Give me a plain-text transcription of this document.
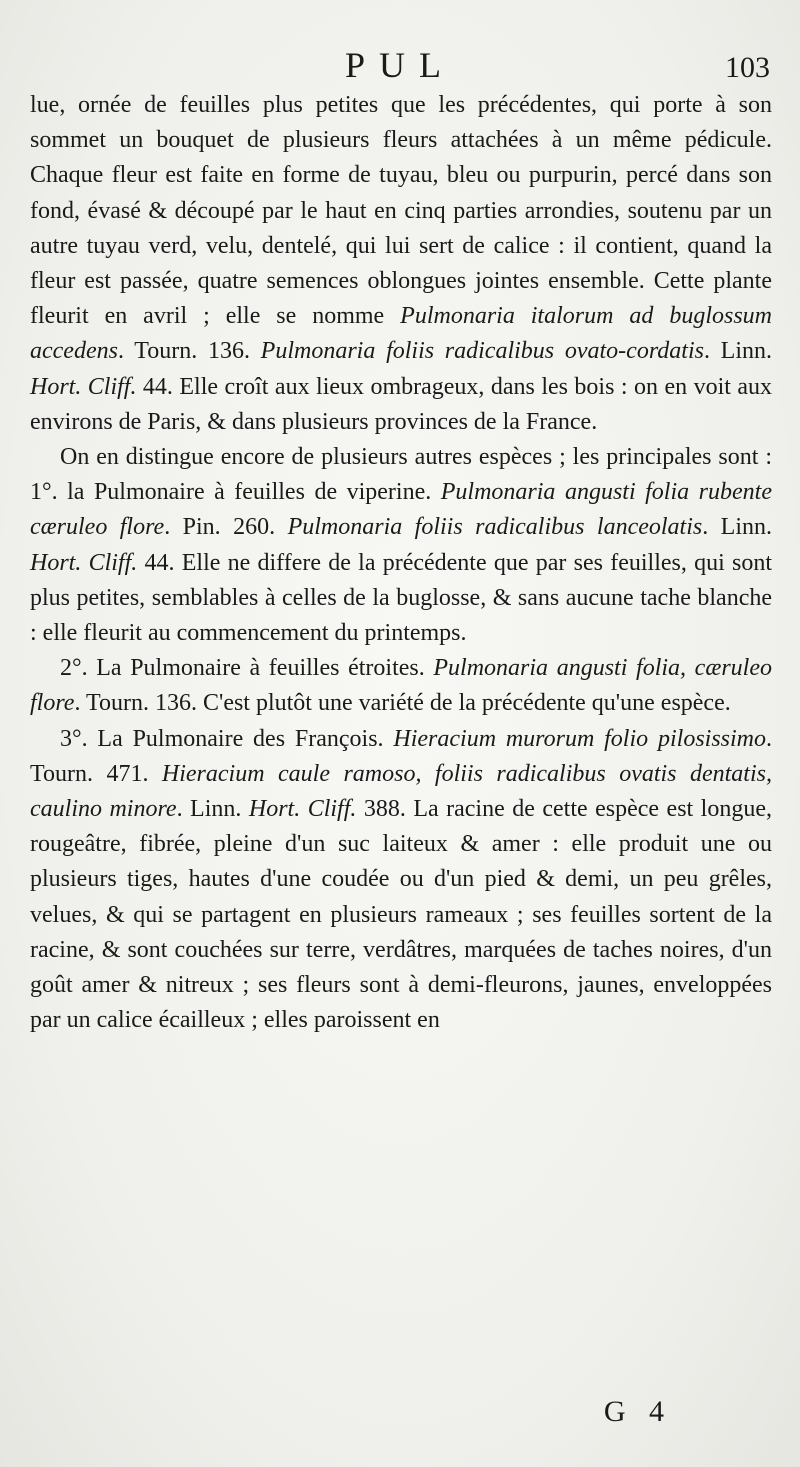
PUL	103

lue, ornée de feuilles plus petites que les précédentes, qui porte à son sommet un bouquet de plusieurs fleurs attachées à un même pédicule. Chaque fleur est faite en forme de tuyau, bleu ou purpurin, percé dans son fond, évasé & découpé par le haut en cinq parties arrondies, soutenu par un autre tuyau verd, velu, dentelé, qui lui sert de calice : il contient, quand la fleur est passée, quatre semences oblongues jointes ensemble. Cette plante fleurit en avril ; elle se nomme Pulmonaria italorum ad buglossum accedens. Tourn. 136. Pulmonaria foliis radicalibus ovato-cordatis. Linn. Hort. Cliff. 44. Elle croît aux lieux ombrageux, dans les bois : on en voit aux environs de Paris, & dans plusieurs provinces de la France.

On en distingue encore de plusieurs autres espèces ; les principales sont : 1°. la Pulmonaire à feuilles de viperine. Pulmonaria angusti folia rubente cæruleo flore. Pin. 260. Pulmonaria foliis radicalibus lanceolatis. Linn. Hort. Cliff. 44. Elle ne differe de la précédente que par ses feuilles, qui sont plus petites, semblables à celles de la buglosse, & sans aucune tache blanche : elle fleurit au commencement du printemps.

2°. La Pulmonaire à feuilles étroites. Pulmonaria angusti folia, cæruleo flore. Tourn. 136. C'est plutôt une variété de la précédente qu'une espèce.

3°. La Pulmonaire des François. Hieracium murorum folio pilosissimo. Tourn. 471. Hieracium caule ramoso, foliis radicalibus ovatis dentatis, caulino minore. Linn. Hort. Cliff. 388. La racine de cette espèce est longue, rougeâtre, fibrée, pleine d'un suc laiteux & amer : elle produit une ou plusieurs tiges, hautes d'une coudée ou d'un pied & demi, un peu grêles, velues, & qui se partagent en plusieurs rameaux ; ses feuilles sortent de la racine, & sont couchées sur terre, verdâtres, marquées de taches noires, d'un goût amer & nitreux ; ses fleurs sont à demi-fleurons, jaunes, enveloppées par un calice écailleux ; elles paroissent en

G 4
